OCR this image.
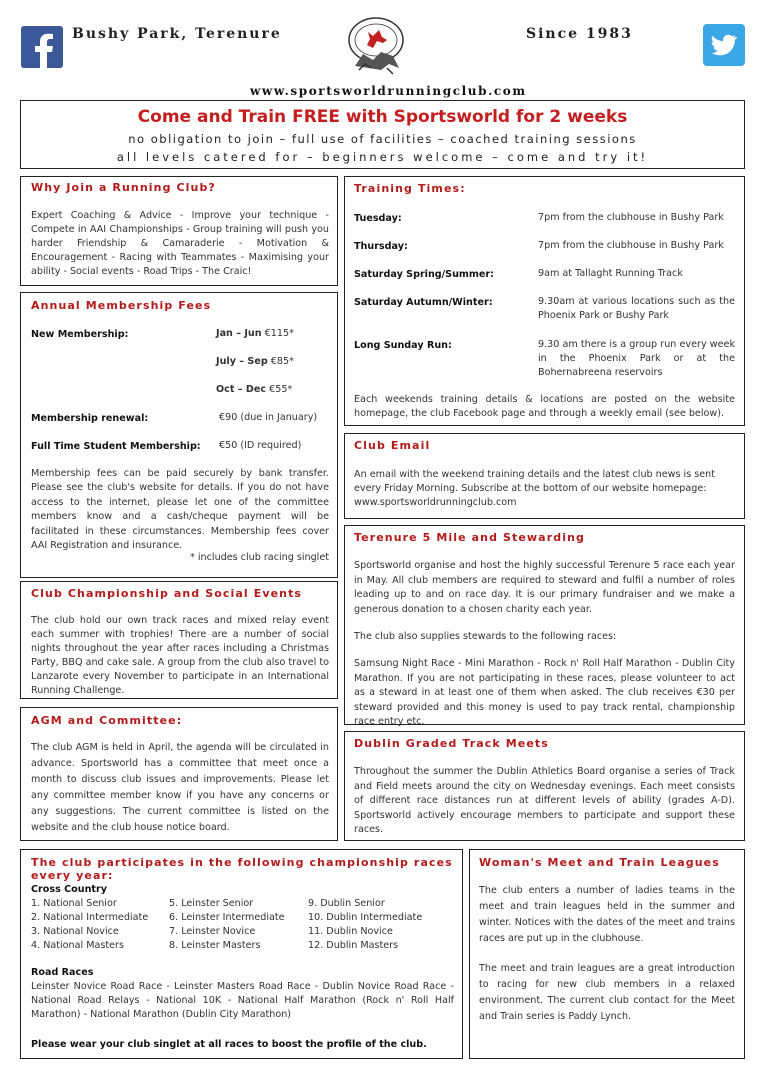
Bushy Park, Terenure	Since 1983
www.sportsworldrunningclub.com
Come and Train FREE with Sportsworld for 2 weeks
no obligation to join – full use of facilities – coached training sessions
all levels catered for – beginners welcome – come and try it!
Why Join a Running Club?
Expert Coaching & Advice - Improve your technique - Compete in AAI Championships - Group training will push you harder Friendship & Camaraderie - Motivation & Encouragement - Racing with Teammates - Maximising your ability - Social events - Road Trips - The Craic!
Annual Membership Fees
New Membership:	Jan – Jun €115*
July – Sep €85*
Oct – Dec €55*
Membership renewal:	€90 (due in January)
Full Time Student Membership: €50 (ID required)
Membership fees can be paid securely by bank transfer. Please see the club's website for details. If you do not have access to the internet, please let one of the committee members know and a cash/cheque payment will be facilitated in these circumstances. Membership fees cover AAI Registration and insurance.
* includes club racing singlet
Club Championship and Social Events
The club hold our own track races and mixed relay event each summer with trophies! There are a number of social nights throughout the year after races including a Christmas Party, BBQ and cake sale. A group from the club also travel to Lanzarote every November to participate in an International Running Challenge.
AGM and Committee:
The club AGM is held in April, the agenda will be circulated in advance. Sportsworld has a committee that meet once a month to discuss club issues and improvements. Please let any committee member know if you have any concerns or any suggestions. The current committee is listed on the website and the club house notice board.
Training Times:
Tuesday:	7pm from the clubhouse in Bushy Park
Thursday:	7pm from the clubhouse in Bushy Park
Saturday Spring/Summer:	9am at Tallaght Running Track
Saturday Autumn/Winter:	9.30am at various locations such as the Phoenix Park or Bushy Park
Long Sunday Run:	9.30 am there is a group run every week in the Phoenix Park or at the Bohernabreena reservoirs
Each weekends training details & locations are posted on the website homepage, the club Facebook page and through a weekly email (see below).
Club Email
An email with the weekend training details and the latest club news is sent every Friday Morning. Subscribe at the bottom of our website homepage: www.sportsworldrunningclub.com
Terenure 5 Mile and Stewarding
Sportsworld organise and host the highly successful Terenure 5 race each year in May. All club members are required to steward and fulfil a number of roles leading up to and on race day. It is our primary fundraiser and we make a generous donation to a chosen charity each year.
The club also supplies stewards to the following races:
Samsung Night Race - Mini Marathon - Rock n' Roll Half Marathon - Dublin City Marathon. If you are not participating in these races, please volunteer to act as a steward in at least one of them when asked. The club receives €30 per steward provided and this money is used to pay track rental, championship race entry etc.
Dublin Graded Track Meets
Throughout the summer the Dublin Athletics Board organise a series of Track and Field meets around the city on Wednesday evenings. Each meet consists of different race distances run at different levels of ability (grades A-D). Sportsworld actively encourage members to participate and support these races.
The club participates in the following championship races every year:
Cross Country
1. National Senior
2. National Intermediate
3. National Novice
4. National Masters
5. Leinster Senior
6. Leinster Intermediate
7. Leinster Novice
8. Leinster Masters
9. Dublin Senior
10. Dublin Intermediate
11. Dublin Novice
12. Dublin Masters
Road Races
Leinster Novice Road Race - Leinster Masters Road Race - Dublin Novice Road Race - National Road Relays - National 10K - National Half Marathon (Rock n' Roll Half Marathon) - National Marathon (Dublin City Marathon)
Please wear your club singlet at all races to boost the profile of the club.
Woman's Meet and Train Leagues
The club enters a number of ladies teams in the meet and train leagues held in the summer and winter. Notices with the dates of the meet and trains races are put up in the clubhouse.
The meet and train leagues are a great introduction to racing for new club members in a relaxed environment. The current club contact for the Meet and Train series is Paddy Lynch.
